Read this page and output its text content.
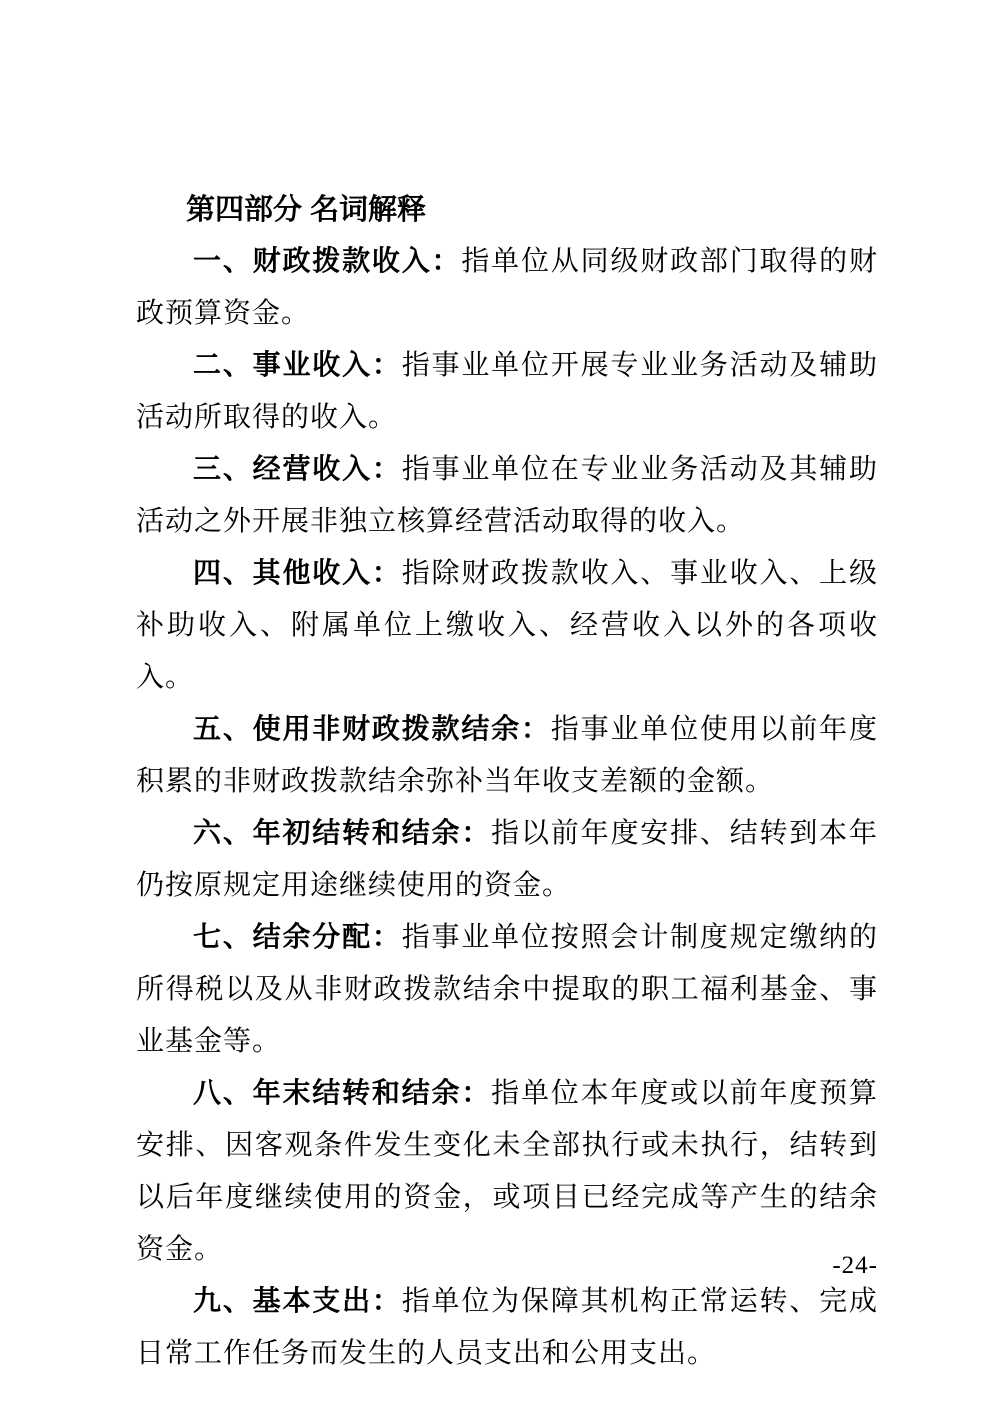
第四部分 名词解释

一、财政拨款收入：指单位从同级财政部门取得的财政预算资金。

二、事业收入：指事业单位开展专业业务活动及辅助活动所取得的收入。

三、经营收入：指事业单位在专业业务活动及其辅助活动之外开展非独立核算经营活动取得的收入。

四、其他收入：指除财政拨款收入、事业收入、上级补助收入、附属单位上缴收入、经营收入以外的各项收入。

五、使用非财政拨款结余：指事业单位使用以前年度积累的非财政拨款结余弥补当年收支差额的金额。

六、年初结转和结余：指以前年度安排、结转到本年仍按原规定用途继续使用的资金。

七、结余分配：指事业单位按照会计制度规定缴纳的所得税以及从非财政拨款结余中提取的职工福利基金、事业基金等。

八、年末结转和结余：指单位本年度或以前年度预算安排、因客观条件发生变化未全部执行或未执行，结转到以后年度继续使用的资金，或项目已经完成等产生的结余资金。

九、基本支出：指单位为保障其机构正常运转、完成日常工作任务而发生的人员支出和公用支出。

-24-
